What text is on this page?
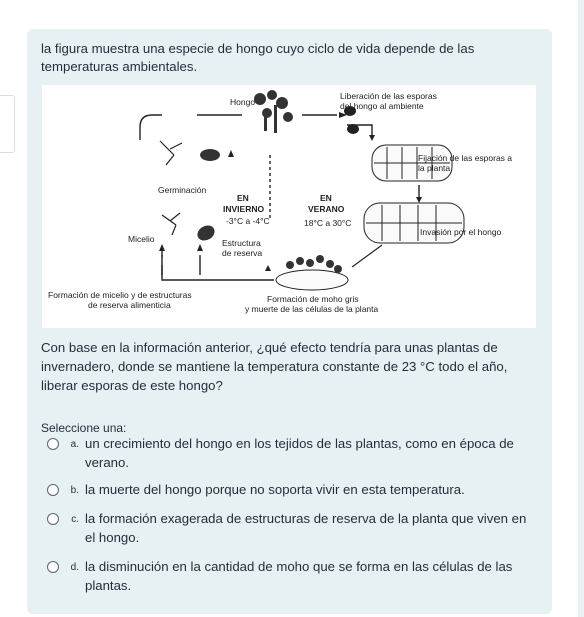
la figura muestra una especie de hongo cuyo ciclo de vida depende de las temperaturas ambientales.
Hongo
Liberación de las esporas
del hongo al ambiente
Fijación de las esporas a
la planta
Germinación
EN
INVIERNO
-3°C a -4°C
EN
VERANO
18°C a 30°C
Invasión por el hongo
Micelio	Estructura
de reserva
Formación de micelio y de estructuras
de reserva alimenticia
Formación de moho gris
y muerte de las células de la planta
Con base en la información anterior, ¿qué efecto tendría para unas plantas de invernadero, donde se mantiene la temperatura constante de 23 °C todo el año, liberar esporas de este hongo?
Seleccione una:
a. un crecimiento del hongo en los tejidos de las plantas, como en época de verano.
b. la muerte del hongo porque no soporta vivir en esta temperatura.
c. la formación exagerada de estructuras de reserva de la planta que viven en el hongo.
d. la disminución en la cantidad de moho que se forma en las células de las plantas.
